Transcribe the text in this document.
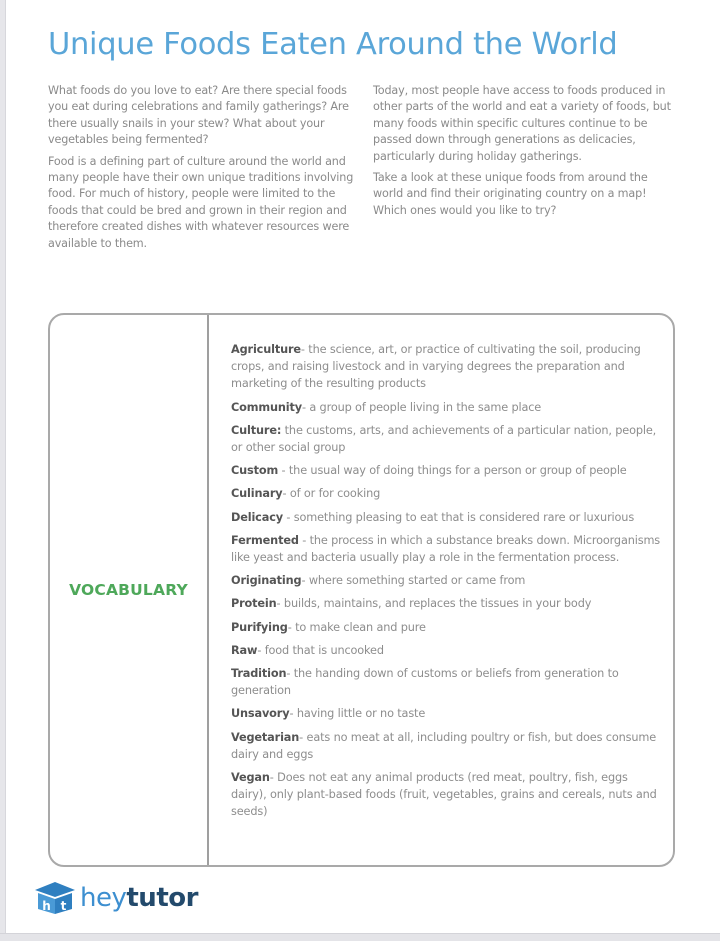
Unique Foods Eaten Around the World

What foods do you love to eat? Are there special foods you eat during celebrations and family gatherings? Are there usually snails in your stew? What about your vegetables being fermented?

Food is a defining part of culture around the world and many people have their own unique traditions involving food. For much of history, people were limited to the foods that could be bred and grown in their region and therefore created dishes with whatever resources were available to them.

Today, most people have access to foods produced in other parts of the world and eat a variety of foods, but many foods within specific cultures continue to be passed down through generations as delicacies, particularly during holiday gatherings.

Take a look at these unique foods from around the world and find their originating country on a map! Which ones would you like to try?

VOCABULARY

Agriculture- the science, art, or practice of cultivating the soil, producing crops, and raising livestock and in varying degrees the preparation and marketing of the resulting products

Community- a group of people living in the same place

Culture: the customs, arts, and achievements of a particular nation, people, or other social group

Custom - the usual way of doing things for a person or group of people

Culinary- of or for cooking

Delicacy - something pleasing to eat that is considered rare or luxurious

Fermented - the process in which a substance breaks down. Microorganisms like yeast and bacteria usually play a role in the fermentation process.

Originating- where something started or came from

Protein- builds, maintains, and replaces the tissues in your body

Purifying- to make clean and pure

Raw- food that is uncooked

Tradition- the handing down of customs or beliefs from generation to generation

Unsavory- having little or no taste

Vegetarian- eats no meat at all, including poultry or fish, but does consume dairy and eggs

Vegan- Does not eat any animal products (red meat, poultry, fish, eggs dairy), only plant-based foods (fruit, vegetables, grains and cereals, nuts and seeds)

h t heytutor
